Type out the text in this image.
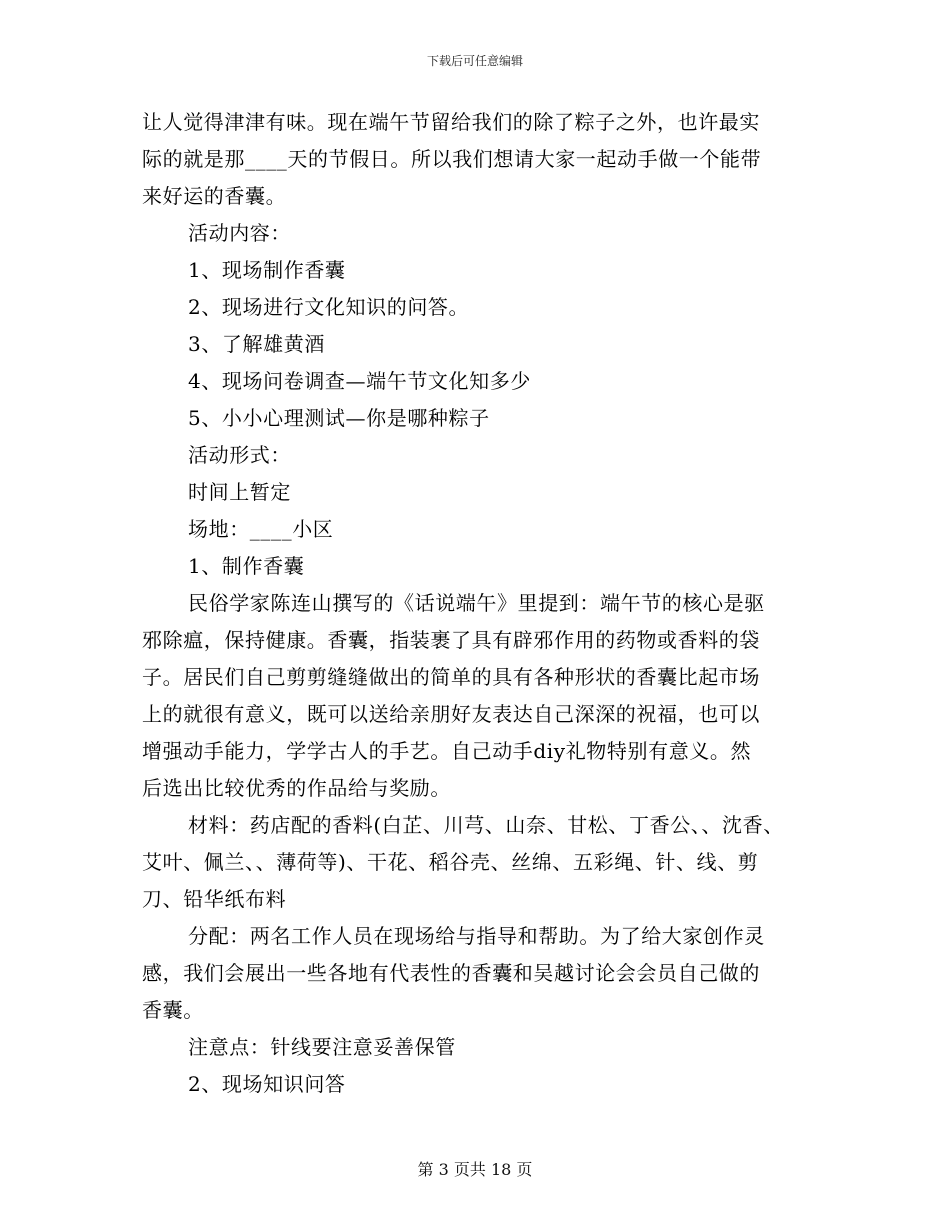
下载后可任意编辑
让人觉得津津有味。现在端午节留给我们的除了粽子之外，也许最实
际的就是那____天的节假日。所以我们想请大家一起动手做一个能带
来好运的香囊。
活动内容：
1、现场制作香囊
2、现场进行文化知识的问答。
3、了解雄黄酒
4、现场问卷调查—端午节文化知多少
5、小小心理测试—你是哪种粽子
活动形式：
时间上暂定
场地：____小区
1、制作香囊
民俗学家陈连山撰写的《话说端午》里提到：端午节的核心是驱
邪除瘟，保持健康。香囊，指装裹了具有辟邪作用的药物或香料的袋
子。居民们自己剪剪缝缝做出的简单的具有各种形状的香囊比起市场
上的就很有意义，既可以送给亲朋好友表达自己深深的祝福，也可以
增强动手能力，学学古人的手艺。自己动手diy礼物特别有意义。然
后选出比较优秀的作品给与奖励。
材料：药店配的香料(白芷、川芎、山奈、甘松、丁香公、、沈香、
艾叶、佩兰、、薄荷等)、干花、稻谷壳、丝绵、五彩绳、针、线、剪
刀、铅华纸布料
分配：两名工作人员在现场给与指导和帮助。为了给大家创作灵
感，我们会展出一些各地有代表性的香囊和吴越讨论会会员自己做的
香囊。
注意点：针线要注意妥善保管
2、现场知识问答
第 3 页共 18 页
